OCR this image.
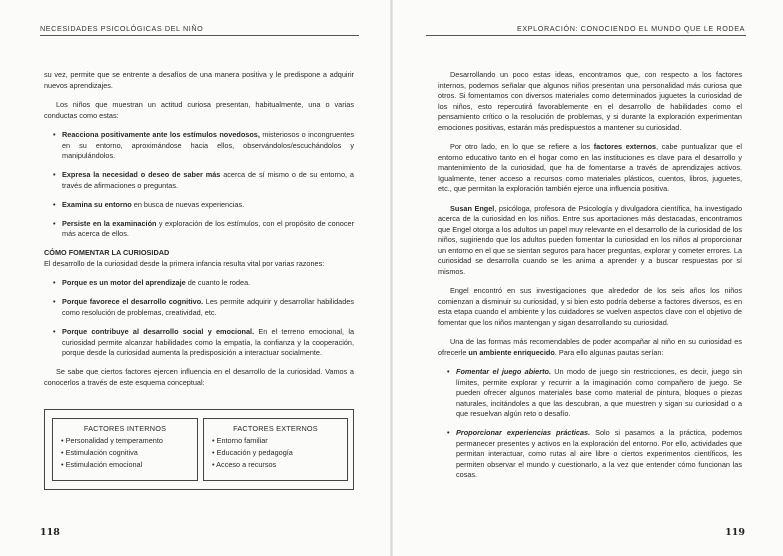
NECESIDADES PSICOLÓGICAS DEL NIÑO

su vez, permite que se entrente a desafíos de una manera positiva y le predispone a adquirir nuevos aprendizajes.

Los niños que muestran un actitud curiosa presentan, habitualmente, una o varias conductas como estas:

• Reacciona positivamente ante los estímulos novedosos, misteriosos o incongruentes en su entorno, aproximándose hacia ellos, observándolos/escuchándolos y manipulándolos.
• Expresa la necesidad o deseo de saber más acerca de sí mismo o de su entorno, a través de afirmaciones o preguntas.
• Examina su entorno en busca de nuevas experiencias.
• Persiste en la examinación y exploración de los estímulos, con el propósito de conocer más acerca de ellos.
CÓMO FOMENTAR LA CURIOSIDAD

El desarrollo de la curiosidad desde la primera infancia resulta vital por varias razones:

• Porque es un motor del aprendizaje de cuanto le rodea.
• Porque favorece el desarrollo cognitivo. Les permite adquirir y desarrollar habilidades como resolución de problemas, creatividad, etc.
• Porque contribuye al desarrollo social y emocional. En el terreno emocional, la curiosidad permite alcanzar habilidades como la empatía, la confianza y la cooperación, porque desde la curiosidad aumenta la predisposición a interactuar socialmente.

Se sabe que ciertos factores ejercen influencia en el desarrollo de la curiosidad. Vamos a conocerlos a través de este esquema conceptual:

FACTORES INTERNOS
• Personalidad y temperamento
• Estimulación cognitiva
• Estimulación emocional
FACTORES EXTERNOS
• Entorno familiar
• Educación y pedagogía
• Acceso a recursos
118
EXPLORACIÓN: CONOCIENDO EL MUNDO QUE LE RODEA

Desarrollando un poco estas ideas, encontramos que, con respecto a los factores internos, podemos señalar que algunos niños presentan una personalidad más curiosa que otros. Si fomentamos con diversos materiales como determinados juguetes la curiosidad de los niños, esto repercutirá favorablemente en el desarrollo de habilidades como el pensamiento crítico o la resolución de problemas, y si durante la exploración experimentan emociones positivas, estarán más predispuestos a mantener su curiosidad.

Por otro lado, en lo que se refiere a los factores externos, cabe puntualizar que el entorno educativo tanto en el hogar como en las instituciones es clave para el desarrollo y mantenimiento de la curiosidad, que ha de fomentarse a través de aprendizajes activos. Igualmente, tener acceso a recursos como materiales plásticos, cuentos, libros, juguetes, etc., que permitan la exploración también ejerce una influencia positiva.

Susan Engel, psicóloga, profesora de Psicología y divulgadora científica, ha investigado acerca de la curiosidad en los niños. Entre sus aportaciones más destacadas, encontramos que Engel otorga a los adultos un papel muy relevante en el desarrollo de la curiosidad de los niños, sugiriendo que los adultos pueden fomentar la curiosidad en los niños al proporcionar un entorno en el que se sientan seguros para hacer preguntas, explorar y cometer errores. La curiosidad se desarrolla cuando se les anima a aprender y a buscar respuestas por sí mismos.

Engel encontró en sus investigaciones que alrededor de los seis años los niños comienzan a disminuir su curiosidad, y si bien esto podría deberse a factores diversos, es en esta etapa cuando el ambiente y los cuidadores se vuelven aspectos clave con el objetivo de fomentar que los niños mantengan y sigan desarrollando su curiosidad.

Una de las formas más recomendables de poder acompañar al niño en su curiosidad es ofrecerle un ambiente enriquecido. Para ello algunas pautas serían:

• Fomentar el juego abierto. Un modo de juego sin restricciones, es decir, juego sin límites, permite explorar y recurrir a la imaginación como compañero de juego. Se pueden ofrecer algunos materiales base como material de pintura, bloques o piezas naturales, incitándoles a que las descubran, a que muestren y sigan su curiosidad o a que resuelvan algún reto o desafío.
• Proporcionar experiencias prácticas. Solo si pasamos a la práctica, podemos permanecer presentes y activos en la exploración del entorno. Por ello, actividades que permitan interactuar, como rutas al aire libre o ciertos experimentos científicos, les permiten observar el mundo y cuestionarlo, a la vez que entender cómo funcionan las cosas.
119
